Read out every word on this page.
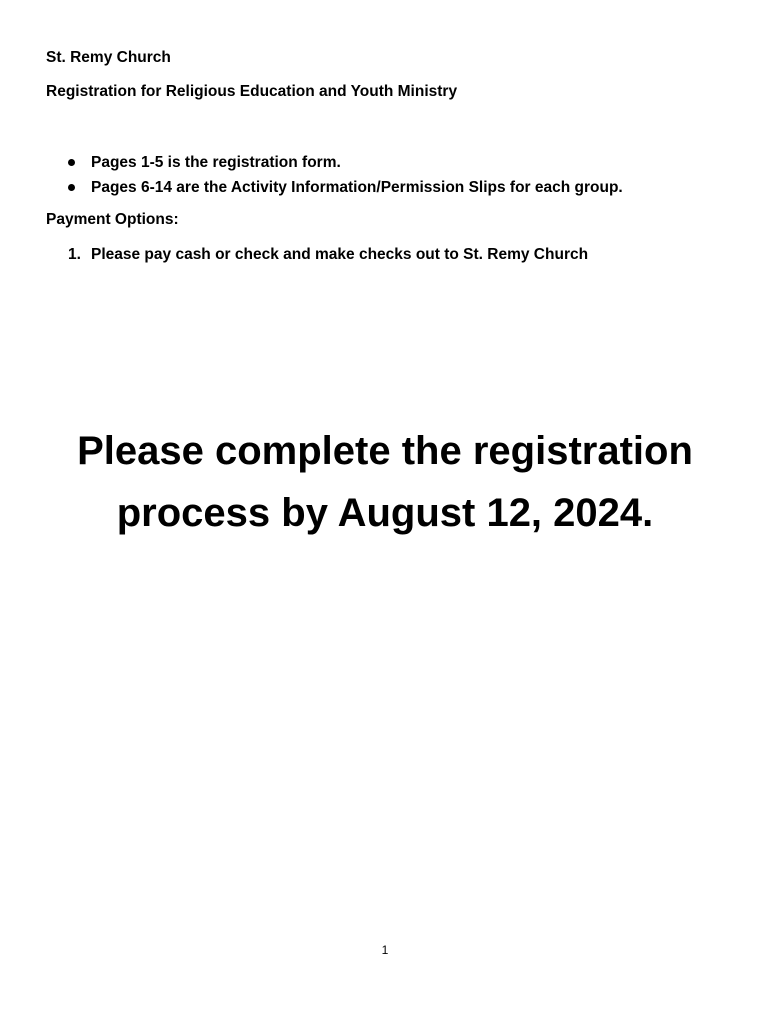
St. Remy Church
Registration for Religious Education and Youth Ministry
Pages 1-5 is the registration form.
Pages 6-14 are the Activity Information/Permission Slips for each group.
Payment Options:
1. Please pay cash or check and make checks out to St. Remy Church
Please complete the registration
process by August 12, 2024.
1
